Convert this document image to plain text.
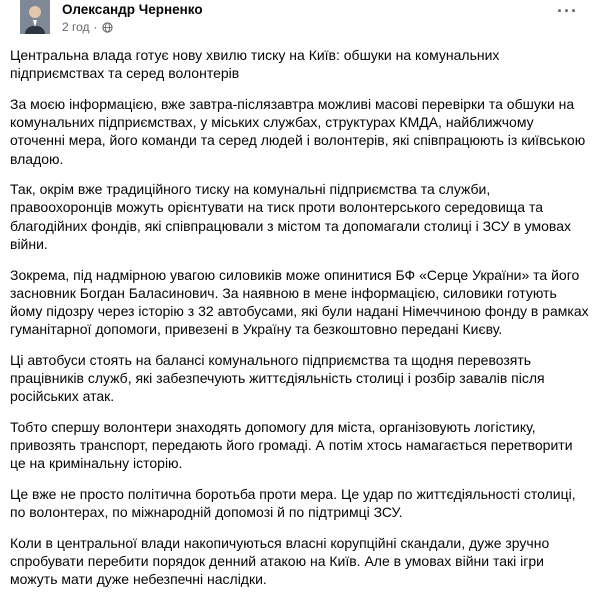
Олександр Черненко
2 год ·
···

Центральна влада готує нову хвилю тиску на Київ: обшуки на комунальних підприємствах та серед волонтерів

За моєю інформацією, вже завтра-післязавтра можливі масові перевірки та обшуки на комунальних підприємствах, у міських службах, структурах КМДА, найближчому оточенні мера, його команди та серед людей і волонтерів, які співпрацюють із київською владою.

Так, окрім вже традиційного тиску на комунальні підприємства та служби, правоохоронців можуть орієнтувати на тиск проти волонтерського середовища та благодійних фондів, які співпрацювали з містом та допомагали столиці і ЗСУ в умовах війни.

Зокрема, під надмірною увагою силовиків може опинитися БФ «Серце України» та його засновник Богдан Баласинович. За наявною в мене інформацією, силовики готують йому підозру через історію з 32 автобусами, які були надані Німеччиною фонду в рамках гуманітарної допомоги, привезені в Україну та безкоштовно передані Києву.

Ці автобуси стоять на балансі комунального підприємства та щодня перевозять працівників служб, які забезпечують життєдіяльність столиці і розбір завалів після російських атак.

Тобто спершу волонтери знаходять допомогу для міста, організовують логістику, привозять транспорт, передають його громаді. А потім хтось намагається перетворити це на кримінальну історію.

Це вже не просто політична боротьба проти мера. Це удар по життєдіяльності столиці, по волонтерах, по міжнародній допомозі й по підтримці ЗСУ.

Коли в центральної влади накопичуються власні корупційні скандали, дуже зручно спробувати перебити порядок денний атакою на Київ. Але в умовах війни такі ігри можуть мати дуже небезпечні наслідки.
